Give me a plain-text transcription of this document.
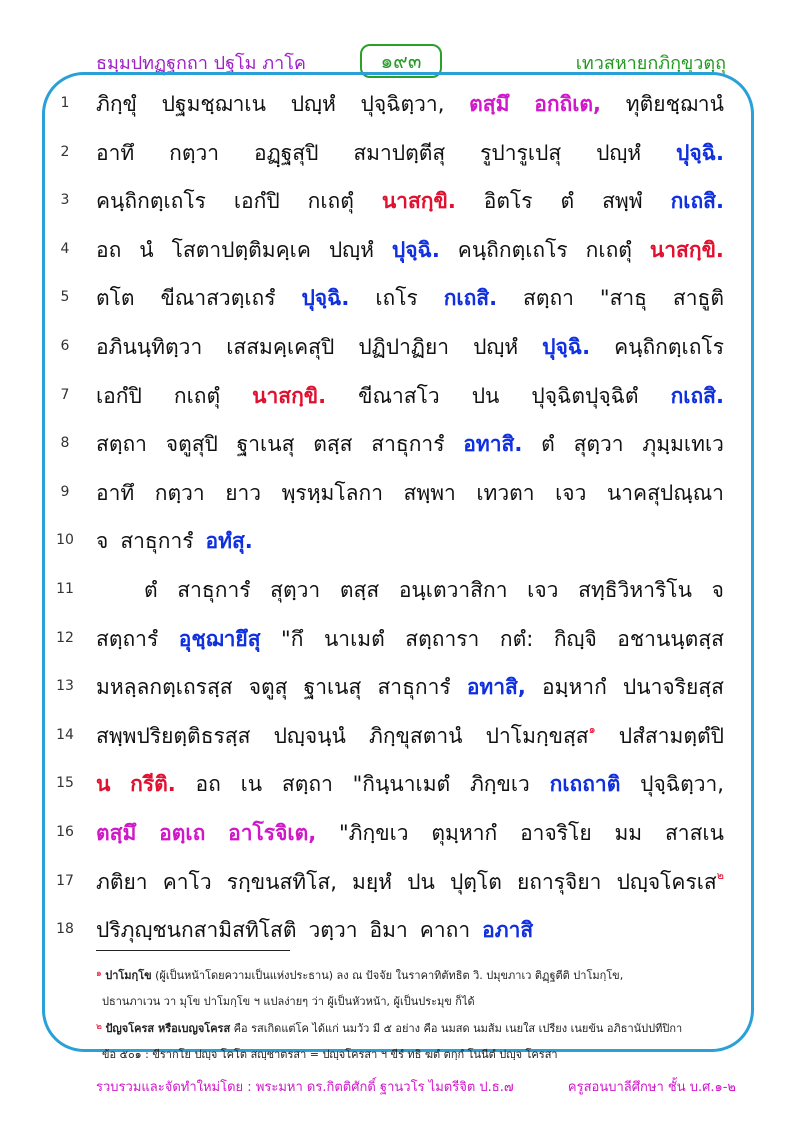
ธมฺมปทฏฺฐกถา ปฐโม ภาโค	๑๙๓	เทวสหายกภิกฺขุวตฺถุ
1	ภิกฺขุํ ปฐมชฺฌาเน ปญฺหํ ปุจฺฉิตฺวา, ตสฺมึ อกถิเต, ทุติยชฺฌานํ
2	อาทึ กตฺวา อฏฺฐสุปิ สมาปตฺตีสุ รูปารูเปสุ ปญฺหํ ปุจฺฉิ.
3	คนฺถิกตฺเถโร เอกํปิ กเถตุํ นาสกฺขิ. อิตโร ตํ สพฺพํ กเถสิ.
4	อถ นํ โสตาปตฺติมคฺเค ปญฺหํ ปุจฺฉิ. คนฺถิกตฺเถโร กเถตุํ นาสกฺขิ.
5	ตโต ขีณาสวตฺเถรํ ปุจฺฉิ. เถโร กเถสิ. สตฺถา "สาธุ สาธูติ
6	อภินนฺทิตฺวา เสสมคฺเคสุปิ ปฏิปาฏิยา ปญฺหํ ปุจฺฉิ. คนฺถิกตฺเถโร
7	เอกํปิ กเถตุํ นาสกฺขิ. ขีณาสโว ปน ปุจฺฉิตปุจฺฉิตํ กเถสิ.
8	สตฺถา จตูสุปิ ฐาเนสุ ตสฺส สาธุการํ อทาสิ. ตํ สุตฺวา ภุมฺมเทเว
9	อาทึ กตฺวา ยาว พฺรหฺมโลกา สพฺพา เทวตา เจว นาคสุปณฺณา
10	จ สาธุการํ อทํสุ.
11	ตํ สาธุการํ สุตฺวา ตสฺส อนฺเตวาสิกา เจว สทฺธิวิหาริโน จ
12	สตฺถารํ อุชฺฌายึสุ "กึ นาเมตํ สตฺถารา กตํ: กิญฺจิ อชานนฺตสฺส
13	มหลฺลกตฺเถรสฺส จตูสุ ฐาเนสุ สาธุการํ อทาสิ, อมฺหากํ ปนาจริยสฺส
14	สพฺพปริยตฺติธรสฺส ปญฺจนฺนํ ภิกฺขุสตานํ ปาโมกฺขสฺส$^๑$ ปสํสามตฺตํปิ
15	น กรีติ. อถ เน สตฺถา "กินฺนาเมตํ ภิกฺขเว กเถถาติ ปุจฺฉิตฺวา,
16	ตสฺมึ อตฺเถ อาโรจิเต, "ภิกฺขเว ตุมฺหากํ อาจริโย มม สาสเน
17	ภติยา คาโว รกฺขนสทิโส, มยฺหํ ปน ปุตฺโต ยถารุจิยา ปญฺจโครเส$^๒$
18	ปริภุญฺชนกสามิสทิโสติ วตฺวา อิมา คาถา อภาสิ
$^๑$ ปาโมกฺโข (ผู้เป็นหน้าโดยความเป็นแห่งประธาน) ลง ณ ปัจจัย ในราคาทิตัทธิต วิ. ปมุขภาเว ติฏฺฐตีติ ปาโมกฺโข,
ปธานภาเวน วา มุโข ปาโมกฺโข ฯ แปลง่ายๆ ว่า ผู้เป็นหัวหน้า, ผู้เป็นประมุข ก็ได้
$^๒$ ปัญจโครส หรือเบญจโครส คือ รสเกิดแต่โค ได้แก่ นมวัว มี ๕ อย่าง คือ นมสด นมส้ม เนยใส เปรียง เนยข้น อภิธานัปปทีปิกา
ข้อ ๕๐๑ : ขีรากโย ปญฺจ โคโต สญฺชาตรสา = ปญฺจโครสา ฯ ขีรํ ทธิ ฆตํ ตกฺกํ โนนีตํ ปญฺจ โครสา
รวบรวมและจัดทำใหม่โดย : พระมหา ดร.กิตติศักดิ์ ฐานวโร ไมตรีจิต ป.ธ.๗	ครูสอนบาลีศึกษา ชั้น บ.ศ.๑-๒
